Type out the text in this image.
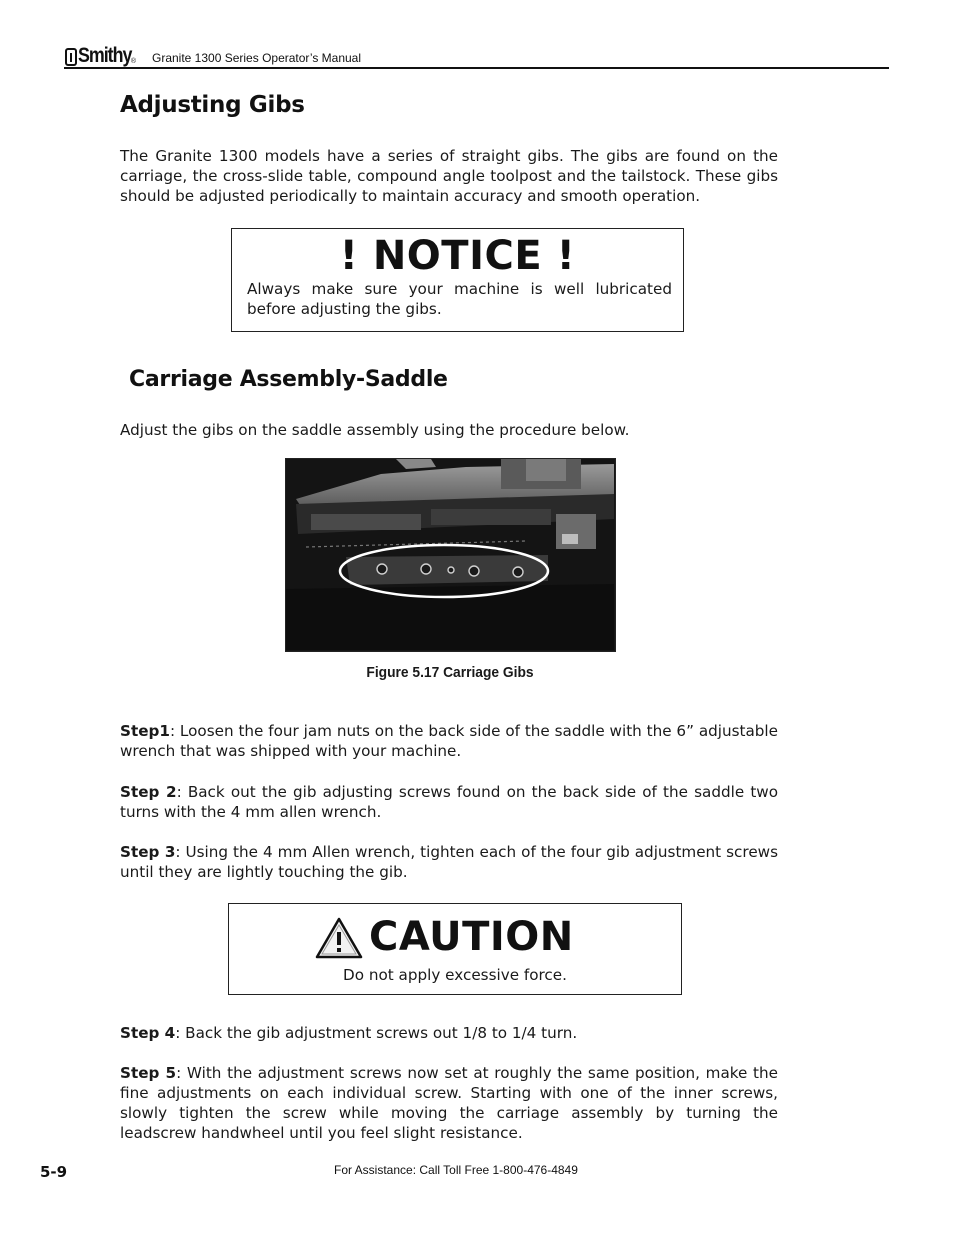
Smithy ® Granite 1300 Series Operator’s Manual
Adjusting Gibs
The Granite 1300 models have a series of straight gibs. The gibs are found on the carriage, the cross-slide table, compound angle toolpost and the tailstock. These gibs should be adjusted periodically to maintain accuracy and smooth operation.
! NOTICE !
Always make sure your machine is well lubricated before adjusting the gibs.
Carriage Assembly-Saddle
Adjust the gibs on the saddle assembly using the procedure below.
Figure 5.17 Carriage Gibs
Step1: Loosen the four jam nuts on the back side of the saddle with the 6” adjustable wrench that was shipped with your machine.
Step 2: Back out the gib adjusting screws found on the back side of the saddle two turns with the 4 mm allen wrench.
Step 3: Using the 4 mm Allen wrench, tighten each of the four gib adjustment screws until they are lightly touching the gib.
CAUTION
Do not apply excessive force.
Step 4: Back the gib adjustment screws out 1/8 to 1/4 turn.
Step 5: With the adjustment screws now set at roughly the same position, make the fine adjustments on each individual screw. Starting with one of the inner screws, slowly tighten the screw while moving the carriage assembly by turning the leadscrew handwheel until you feel slight resistance.
5-9	For Assistance: Call Toll Free 1-800-476-4849
